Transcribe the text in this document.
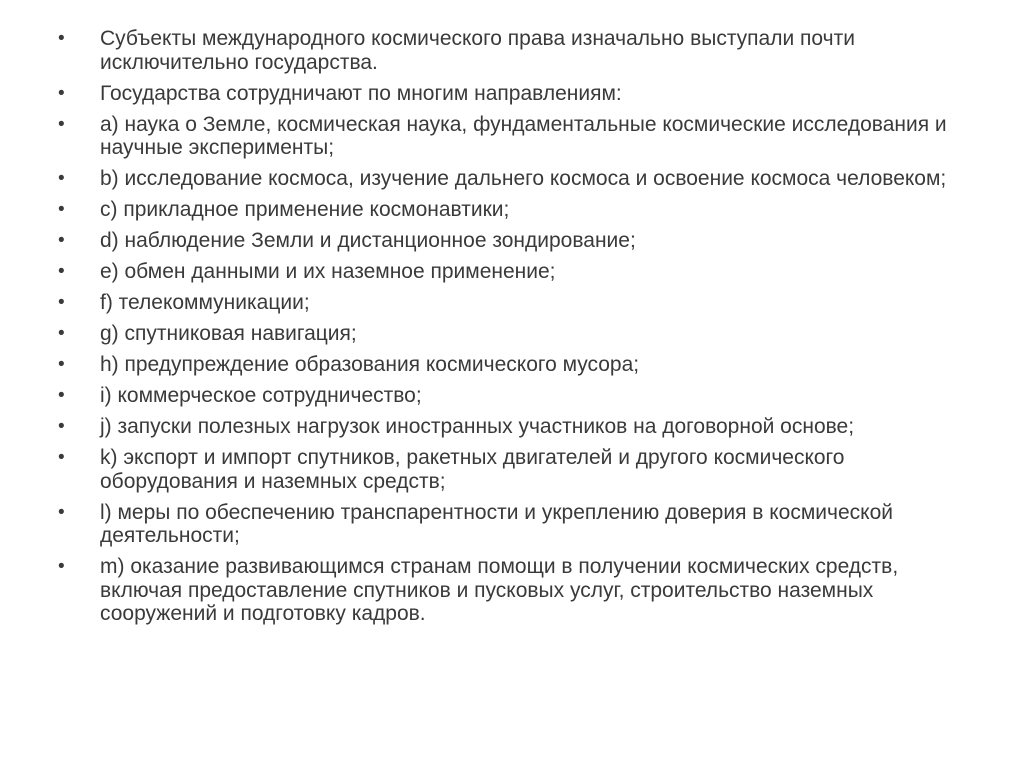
•	Субъекты международного космического права изначально выступали почти исключительно государства.
•	Государства сотрудничают по многим направлениям:
•	а) наука о Земле, космическая наука, фундаментальные космические исследования и научные эксперименты;
•	b) исследование космоса, изучение дальнего космоса и освоение космоса человеком;
•	c) прикладное применение космонавтики;
•	d) наблюдение Земли и дистанционное зондирование;
•	e) обмен данными и их наземное применение;
•	f) телекоммуникации;
•	g) спутниковая навигация;
•	h) предупреждение образования космического мусора;
•	i) коммерческое сотрудничество;
•	j) запуски полезных нагрузок иностранных участников на договорной основе;
•	k) экспорт и импорт спутников, ракетных двигателей и другого космического оборудования и наземных средств;
•	l) меры по обеспечению транспарентности и укреплению доверия в космической деятельности;
•	m) оказание развивающимся странам помощи в получении космических средств, включая предоставление спутников и пусковых услуг, строительство наземных сооружений и подготовку кадров.
